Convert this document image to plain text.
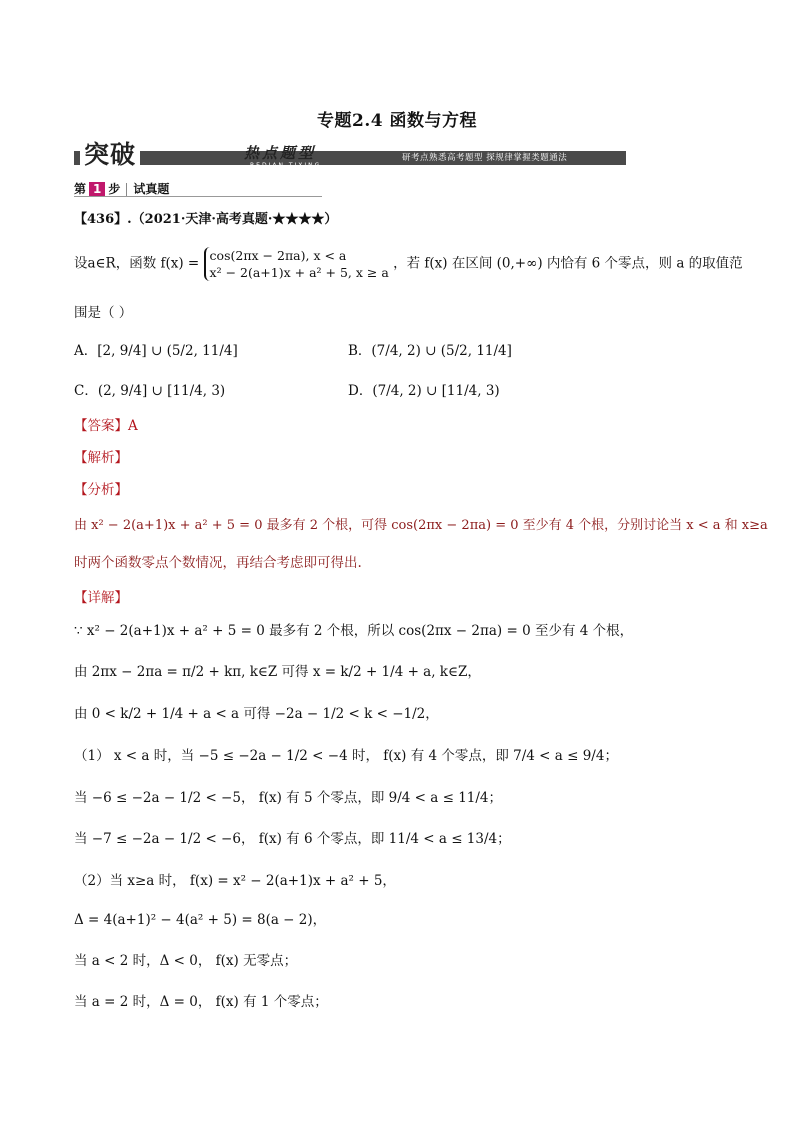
专题2.4 函数与方程
突破	热点题型
REDIAN TIXING
研考点熟悉高考题型 探规律掌握类题通法
第 1 步 试真题
【436】.（2021·天津·高考真题·★★★★）
设a∈R，函数 f(x) = cos(2πx − 2πa), x < a
x² − 2(a+1)x + a² + 5, x ≥ a
，若 f(x) 在区间 (0,+∞) 内恰有 6 个零点，则 a 的取值范
围是（ ）
A．[2, 9/4] ∪ (5/2, 11/4]	B．(7/4, 2) ∪ (5/2, 11/4]
C．(2, 9/4] ∪ [11/4, 3)	D．(7/4, 2) ∪ [11/4, 3)
【答案】A
【解析】
【分析】
由 x² − 2(a+1)x + a² + 5 = 0 最多有 2 个根，可得 cos(2πx − 2πa) = 0 至少有 4 个根，分别讨论当 x < a 和 x≥a
时两个函数零点个数情况，再结合考虑即可得出.
【详解】
∵ x² − 2(a+1)x + a² + 5 = 0 最多有 2 个根，所以 cos(2πx − 2πa) = 0 至少有 4 个根，
由 2πx − 2πa = π/2 + kπ, k∈Z 可得 x = k/2 + 1/4 + a, k∈Z，
由 0 < k/2 + 1/4 + a < a 可得 −2a − 1/2 < k < −1/2，
（1） x < a 时，当 −5 ≤ −2a − 1/2 < −4 时， f(x) 有 4 个零点，即 7/4 < a ≤ 9/4；
当 −6 ≤ −2a − 1/2 < −5， f(x) 有 5 个零点，即 9/4 < a ≤ 11/4；
当 −7 ≤ −2a − 1/2 < −6， f(x) 有 6 个零点，即 11/4 < a ≤ 13/4；
（2）当 x≥a 时， f(x) = x² − 2(a+1)x + a² + 5，
Δ = 4(a+1)² − 4(a² + 5) = 8(a − 2)，
当 a < 2 时，Δ < 0， f(x) 无零点；
当 a = 2 时，Δ = 0， f(x) 有 1 个零点；
